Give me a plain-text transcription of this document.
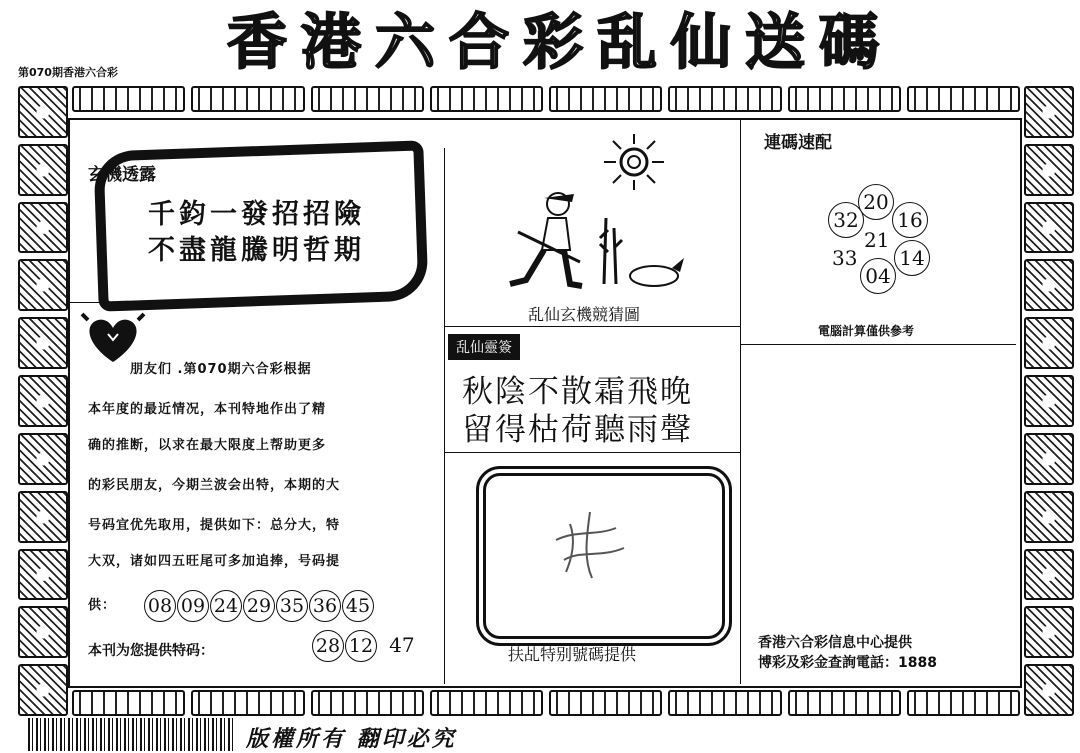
香港六合彩乱仙送碼
第070期香港六合彩
玄機透露
千鈞一發招招險
不盡龍騰明哲期
乱仙玄機競猜圖
乱仙靈簽
秋陰不散霜飛晚
留得枯荷聽雨聲
扶乩特别號碼提供
朋友们 .第070期六合彩根据
本年度的最近情况，本刊特地作出了精
确的推断，以求在最大限度上帮助更多
的彩民朋友，今期兰波会出特，本期的大
号码宜优先取用，提供如下：总分大，特
大双，诸如四五旺尾可多加追捧，号码提
供： 08 09 24 29 35 36 45
本刊为您提供特码：	28 12 47
連碼速配
20
32 16
21
33 14
04
電腦計算僅供參考
香港六合彩信息中心提供
博彩及彩金查詢電話：1888
版權所有 翻印必究
